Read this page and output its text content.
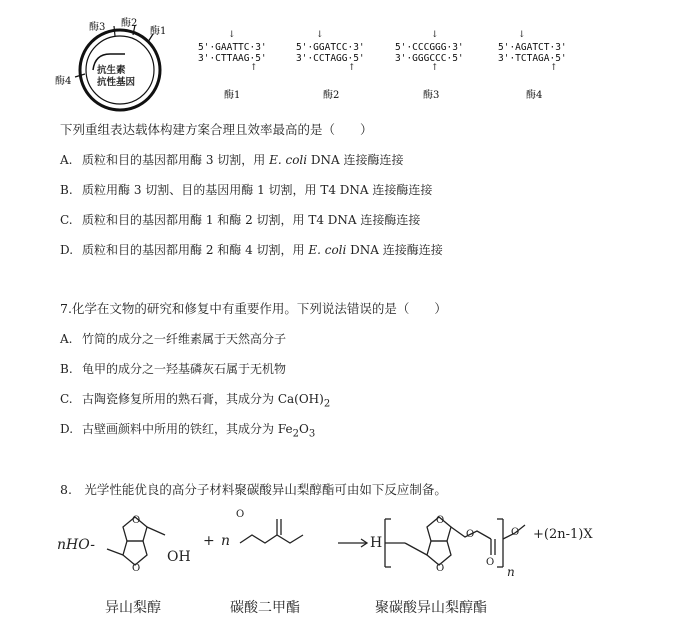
酶3 酶2
酶1
酶4
抗生素
抗性基因
↓
5'·GAATTC·3'
3'·CTTAAG·5'
↑
酶1
↓
5'·GGATCC·3'
3'·CCTAGG·5'
↑
酶2
↓
5'·CCCGGG·3'
3'·GGGCCC·5'
↑
酶3
↓
5'·AGATCT·3'
3'·TCTAGA·5'
↑
酶4
下列重组表达载体构建方案合理且效率最高的是（　　）
A. 质粒和目的基因都用酶 3 切割，用 E. coli DNA 连接酶连接
B. 质粒用酶 3 切割、目的基因用酶 1 切割，用 T4 DNA 连接酶连接
C. 质粒和目的基因都用酶 1 和酶 2 切割，用 T4 DNA 连接酶连接
D. 质粒和目的基因都用酶 2 和酶 4 切割，用 E. coli DNA 连接酶连接
7.化学在文物的研究和修复中有重要作用。下列说法错误的是（　　）
A. 竹简的成分之一纤维素属于天然高分子
B. 龟甲的成分之一羟基磷灰石属于无机物
C. 古陶瓷修复所用的熟石膏，其成分为 $Ca(OH)_2$
D. 古壁画颜料中所用的铁红，其成分为 $Fe_2O_3$
8.　光学性能优良的高分子材料聚碳酸异山梨醇酯可由如下反应制备。
O
O
O
O
O
O
O
O
nHO-
OH
+ n	H
n
+(2n-1)X
异山梨醇	碳酸二甲酯	聚碳酸异山梨醇酯
